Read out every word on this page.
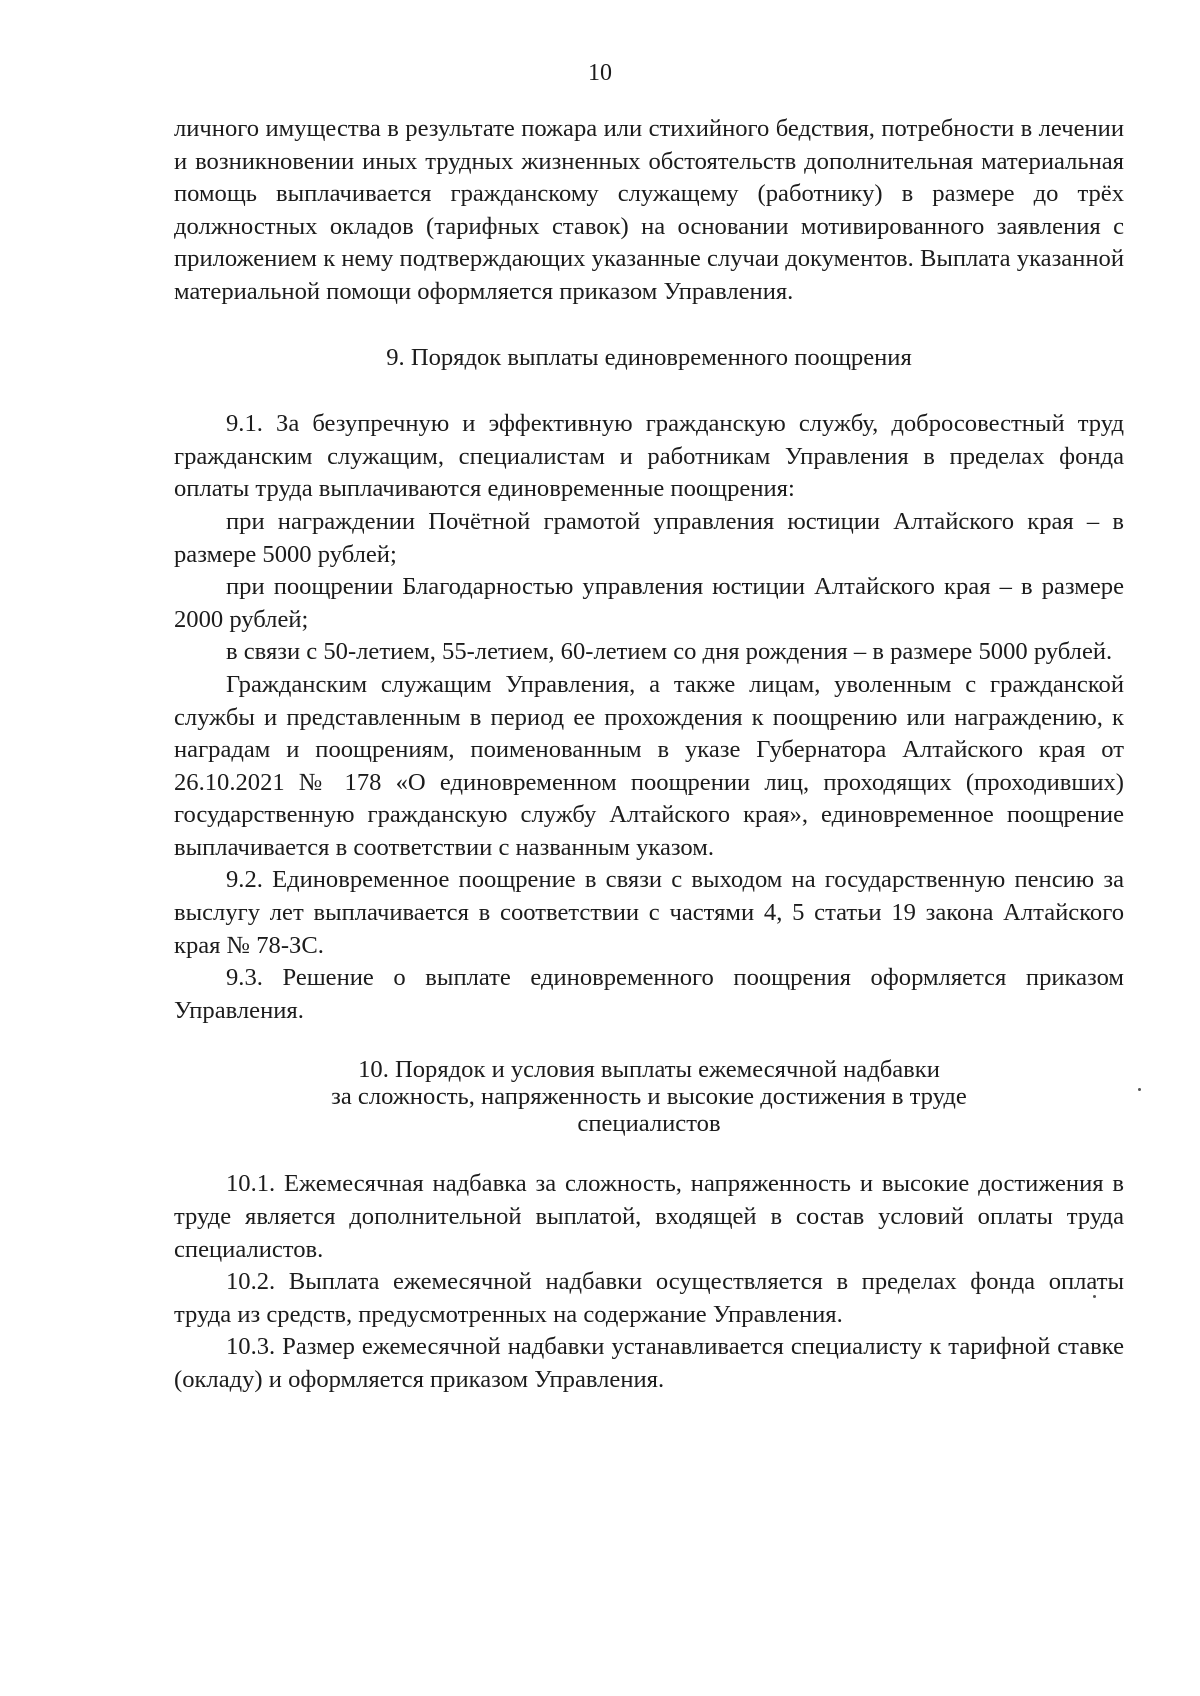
10

личного имущества в результате пожара или стихийного бедствия, потребности в лечении и возникновении иных трудных жизненных обстоятельств дополнительная материальная помощь выплачивается гражданскому служащему (работнику) в размере до трёх должностных окладов (тарифных ставок) на основании мотивированного заявления с приложением к нему подтверждающих указанные случаи документов. Выплата указанной материальной помощи оформляется приказом Управления.

9. Порядок выплаты единовременного поощрения

9.1. За безупречную и эффективную гражданскую службу, добросовестный труд гражданским служащим, специалистам и работникам Управления в пределах фонда оплаты труда выплачиваются единовременные поощрения:

при награждении Почётной грамотой управления юстиции Алтайского края – в размере 5000 рублей;

при поощрении Благодарностью управления юстиции Алтайского края – в размере 2000 рублей;

в связи с 50-летием, 55-летием, 60-летием со дня рождения – в размере 5000 рублей.

Гражданским служащим Управления, а также лицам, уволенным с гражданской службы и представленным в период ее прохождения к поощрению или награждению, к наградам и поощрениям, поименованным в указе Губернатора Алтайского края от 26.10.2021 № 178 «О единовременном поощрении лиц, проходящих (проходивших) государственную гражданскую службу Алтайского края», единовременное поощрение выплачивается в соответствии с названным указом.

9.2. Единовременное поощрение в связи с выходом на государственную пенсию за выслугу лет выплачивается в соответствии с частями 4, 5 статьи 19 закона Алтайского края № 78-ЗС.

9.3. Решение о выплате единовременного поощрения оформляется приказом Управления.

10. Порядок и условия выплаты ежемесячной надбавки
за сложность, напряженность и высокие достижения в труде
специалистов

10.1. Ежемесячная надбавка за сложность, напряженность и высокие достижения в труде является дополнительной выплатой, входящей в состав условий оплаты труда специалистов.

10.2. Выплата ежемесячной надбавки осуществляется в пределах фонда оплаты труда из средств, предусмотренных на содержание Управления.

10.3. Размер ежемесячной надбавки устанавливается специалисту к тарифной ставке (окладу) и оформляется приказом Управления.
